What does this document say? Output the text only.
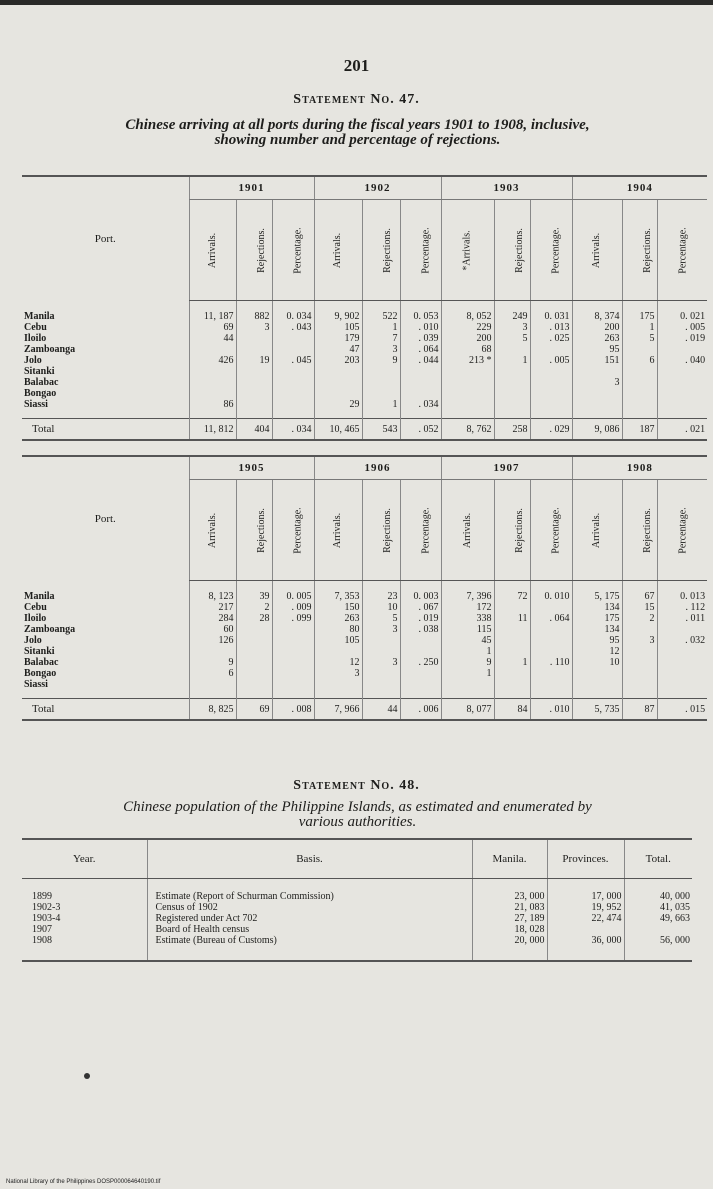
201
Statement No. 47.
Chinese arriving at all ports during the fiscal years 1901 to 1908, inclusive,
showing number and percentage of rejections.
Port.	1901			1902			1903			1904		
	Arrivals.	Rejections.	Percentage.	Arrivals.	Rejections.	Percentage.	*Arrivals.	Rejections.	Percentage.	Arrivals.	Rejections.	Percentage.
Manila	11, 187	882	0. 034	9, 902	522	0. 053	8, 052	249	0. 031	8, 374	175	0. 021
Cebu	69	3	. 043	105	1	. 010	229	3	. 013	200	1	. 005
Iloilo	44			179	7	. 039	200	5	. 025	263	5	. 019
Zamboanga				47	3	. 064	68			95		
Jolo	426	19	. 045	203	9	. 044	213 *	1	. 005	151	6	. 040
Sitanki												
Balabac										3		
Bongao												
Siassi	86			29	1	. 034						
Total	11, 812	404	. 034	10, 465	543	. 052	8, 762	258	. 029	9, 086	187	. 021
Port.	1905			1906			1907			1908		
	Arrivals.	Rejections.	Percentage.	Arrivals.	Rejections.	Percentage.	Arrivals.	Rejections.	Percentage.	Arrivals.	Rejections.	Percentage.
Manila	8, 123	39	0. 005	7, 353	23	0. 003	7, 396	72	0. 010	5, 175	67	0. 013
Cebu	217	2	. 009	150	10	. 067	172			134	15	. 112
Iloilo	284	28	. 099	263	5	. 019	338	11	. 064	175	2	. 011
Zamboanga	60			80	3	. 038	115			134		
Jolo	126			105			45			95	3	. 032
Sitanki							1			12		
Balabac	9			12	3	. 250	9	1	. 110	10		
Bongao	6			3			1					
Siassi												
Total	8, 825	69	. 008	7, 966	44	. 006	8, 077	84	. 010	5, 735	87	. 015
Statement No. 48.
Chinese population of the Philippine Islands, as estimated and enumerated by
various authorities.
Year.	Basis.	Manila.	Provinces.	Total.
1899	Estimate (Report of Schurman Commission)	23, 000	17, 000	40, 000
1902-3	Census of 1902	21, 083	19, 952	41, 035
1903-4	Registered under Act 702	27, 189	22, 474	49, 663
1907	Board of Health census	18, 028		
1908	Estimate (Bureau of Customs)	20, 000	36, 000	56, 000
National Library of the Philippines DOSP000064640190.tif
